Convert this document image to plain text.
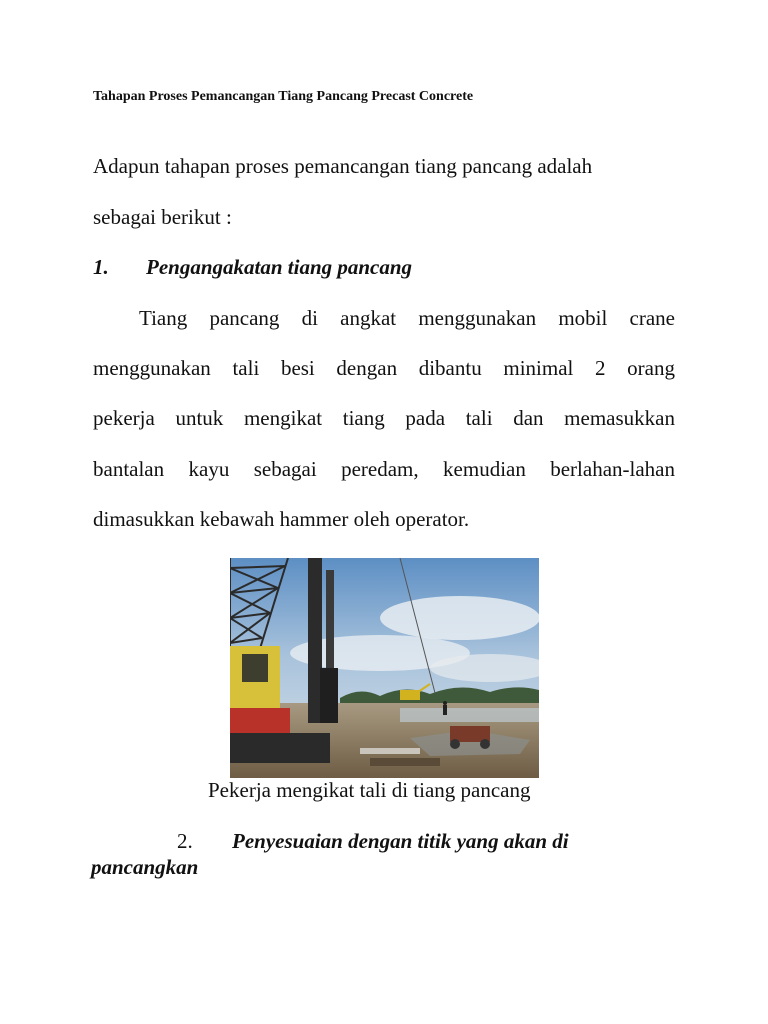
Tahapan Proses Pemancangan Tiang Pancang Precast Concrete
Adapun tahapan proses pemancangan tiang pancang adalah
sebagai berikut :
1. Pengangakatan tiang pancang
Tiang pancang di angkat menggunakan mobil crane
menggunakan tali besi dengan dibantu minimal 2 orang
pekerja untuk mengikat tiang pada tali dan memasukkan
bantalan kayu sebagai peredam, kemudian berlahan-lahan
dimasukkan kebawah hammer oleh operator.
Pekerja mengikat tali di tiang pancang
2. Penyesuaian dengan titik yang akan di
pancangkan
